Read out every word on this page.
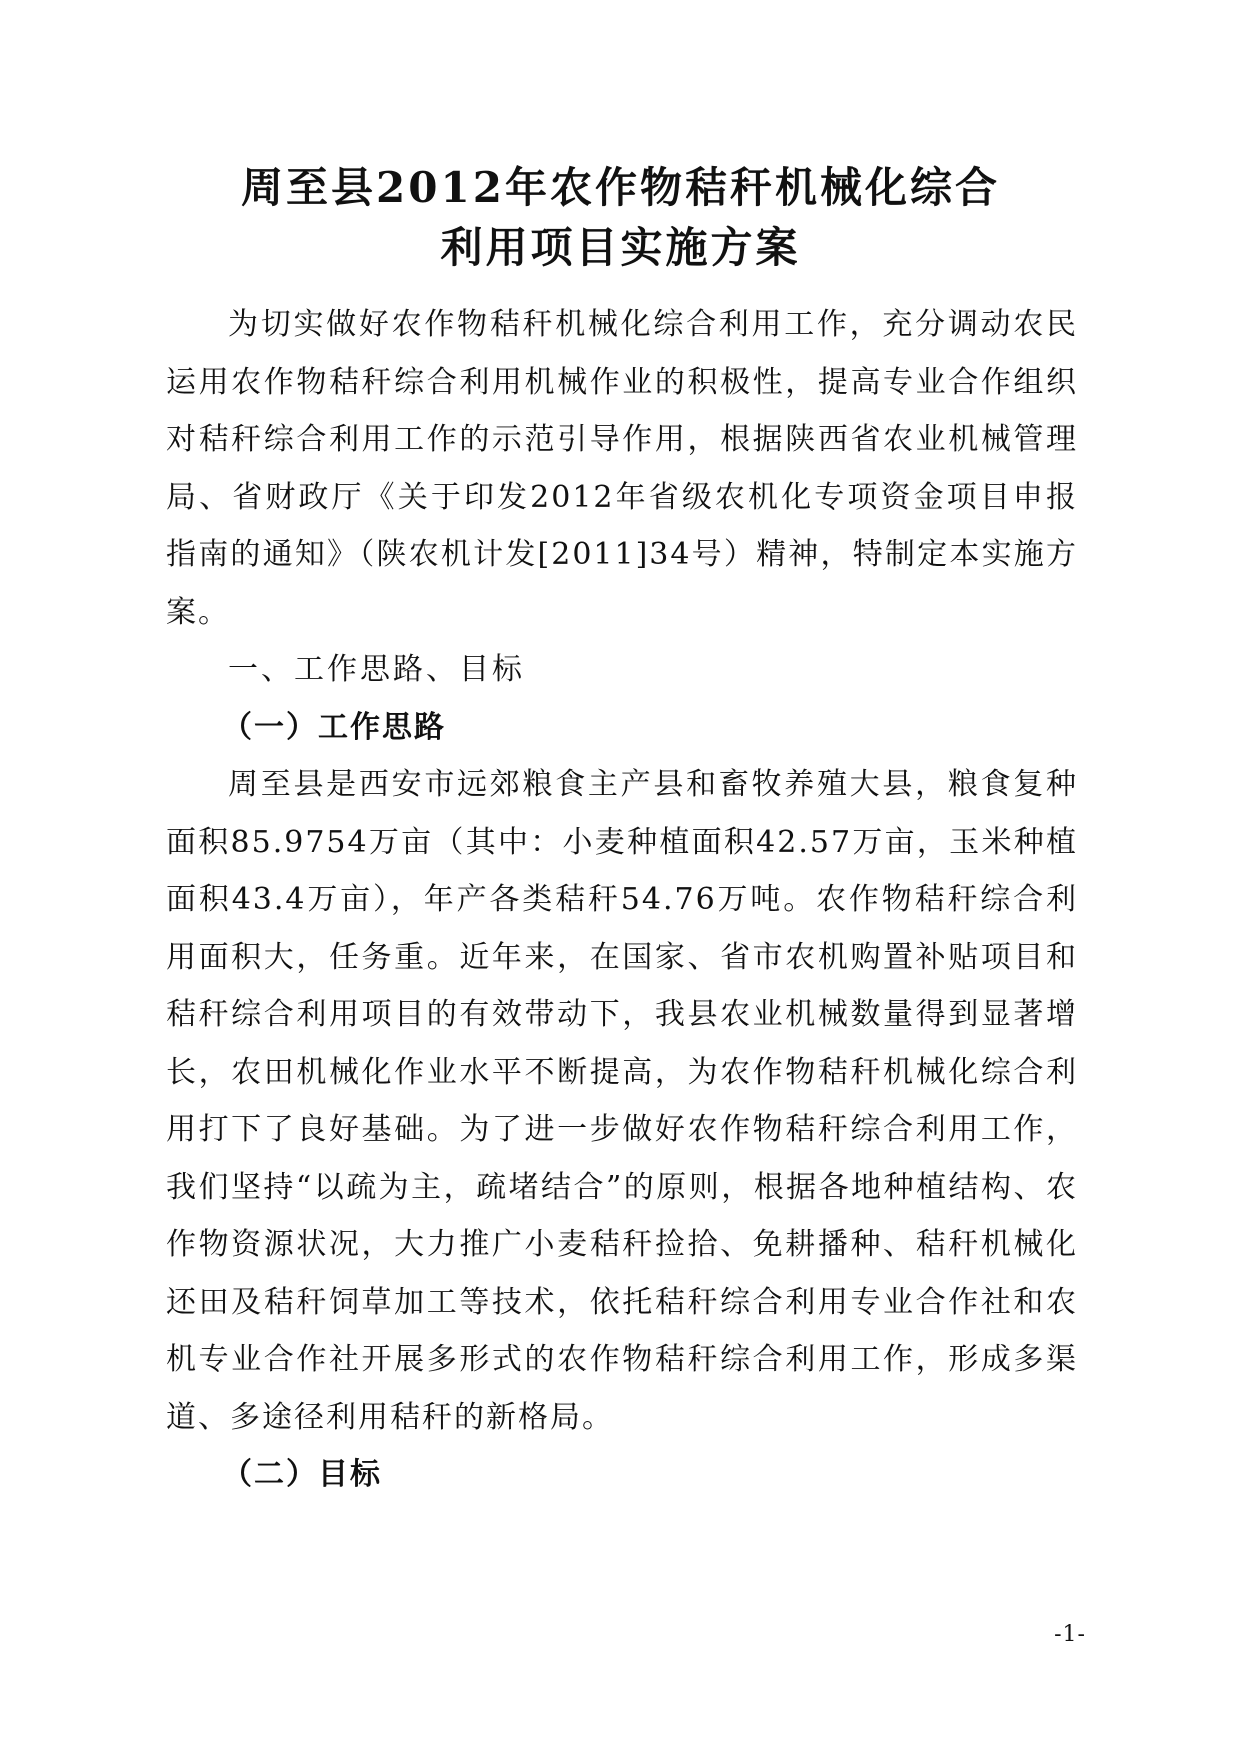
周至县2012年农作物秸秆机械化综合
利用项目实施方案

为切实做好农作物秸秆机械化综合利用工作，充分调动农民运用农作物秸秆综合利用机械作业的积极性，提高专业合作组织对秸秆综合利用工作的示范引导作用，根据陕西省农业机械管理局、省财政厅《关于印发2012年省级农机化专项资金项目申报指南的通知》（陕农机计发[2011]34号）精神，特制定本实施方案。

一、工作思路、目标

（一）工作思路

周至县是西安市远郊粮食主产县和畜牧养殖大县，粮食复种面积85.9754万亩（其中：小麦种植面积42.57万亩，玉米种植面积43.4万亩），年产各类秸秆54.76万吨。农作物秸秆综合利用面积大，任务重。近年来，在国家、省市农机购置补贴项目和秸秆综合利用项目的有效带动下，我县农业机械数量得到显著增长，农田机械化作业水平不断提高，为农作物秸秆机械化综合利用打下了良好基础。为了进一步做好农作物秸秆综合利用工作，我们坚持“以疏为主，疏堵结合”的原则，根据各地种植结构、农作物资源状况，大力推广小麦秸秆捡拾、免耕播种、秸秆机械化还田及秸秆饲草加工等技术，依托秸秆综合利用专业合作社和农机专业合作社开展多形式的农作物秸秆综合利用工作，形成多渠道、多途径利用秸秆的新格局。

（二）目标

-1-
